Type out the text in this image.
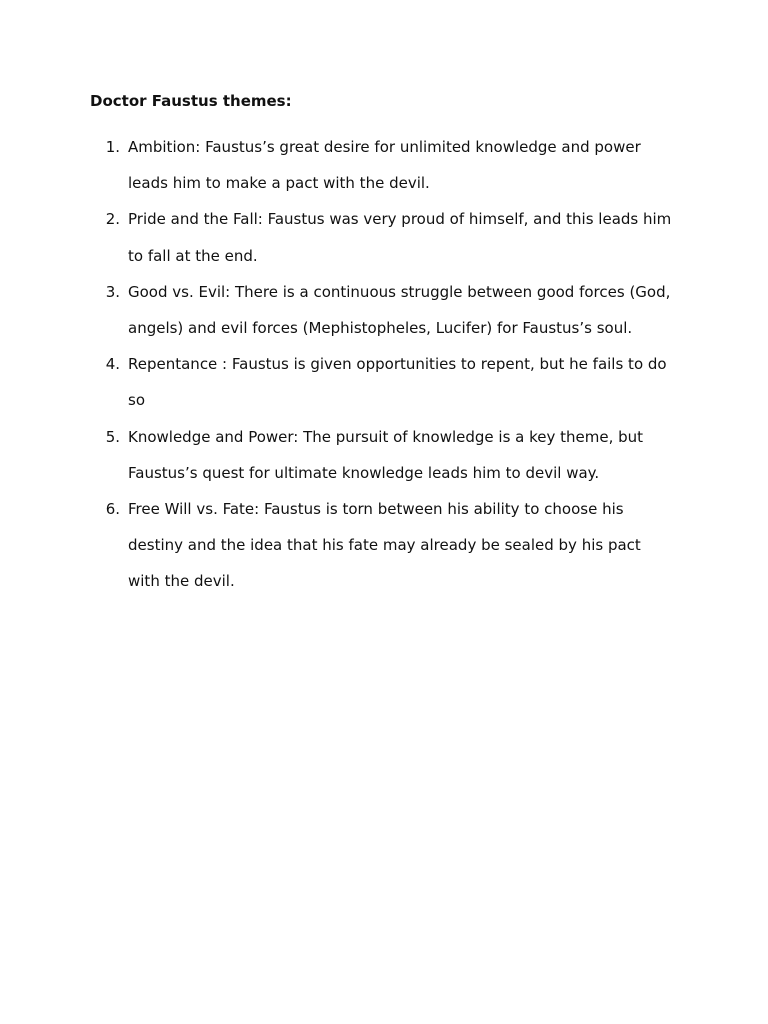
Doctor Faustus themes:

1. Ambition: Faustus’s great desire for unlimited knowledge and power leads him to make a pact with the devil.
2. Pride and the Fall: Faustus was very proud of himself, and this leads him to fall at the end.
3. Good vs. Evil: There is a continuous struggle between good forces (God, angels) and evil forces (Mephistopheles, Lucifer) for Faustus’s soul.
4. Repentance : Faustus is given opportunities to repent, but he fails to do so
5. Knowledge and Power: The pursuit of knowledge is a key theme, but Faustus’s quest for ultimate knowledge leads him to devil way.
6. Free Will vs. Fate: Faustus is torn between his ability to choose his destiny and the idea that his fate may already be sealed by his pact with the devil.
